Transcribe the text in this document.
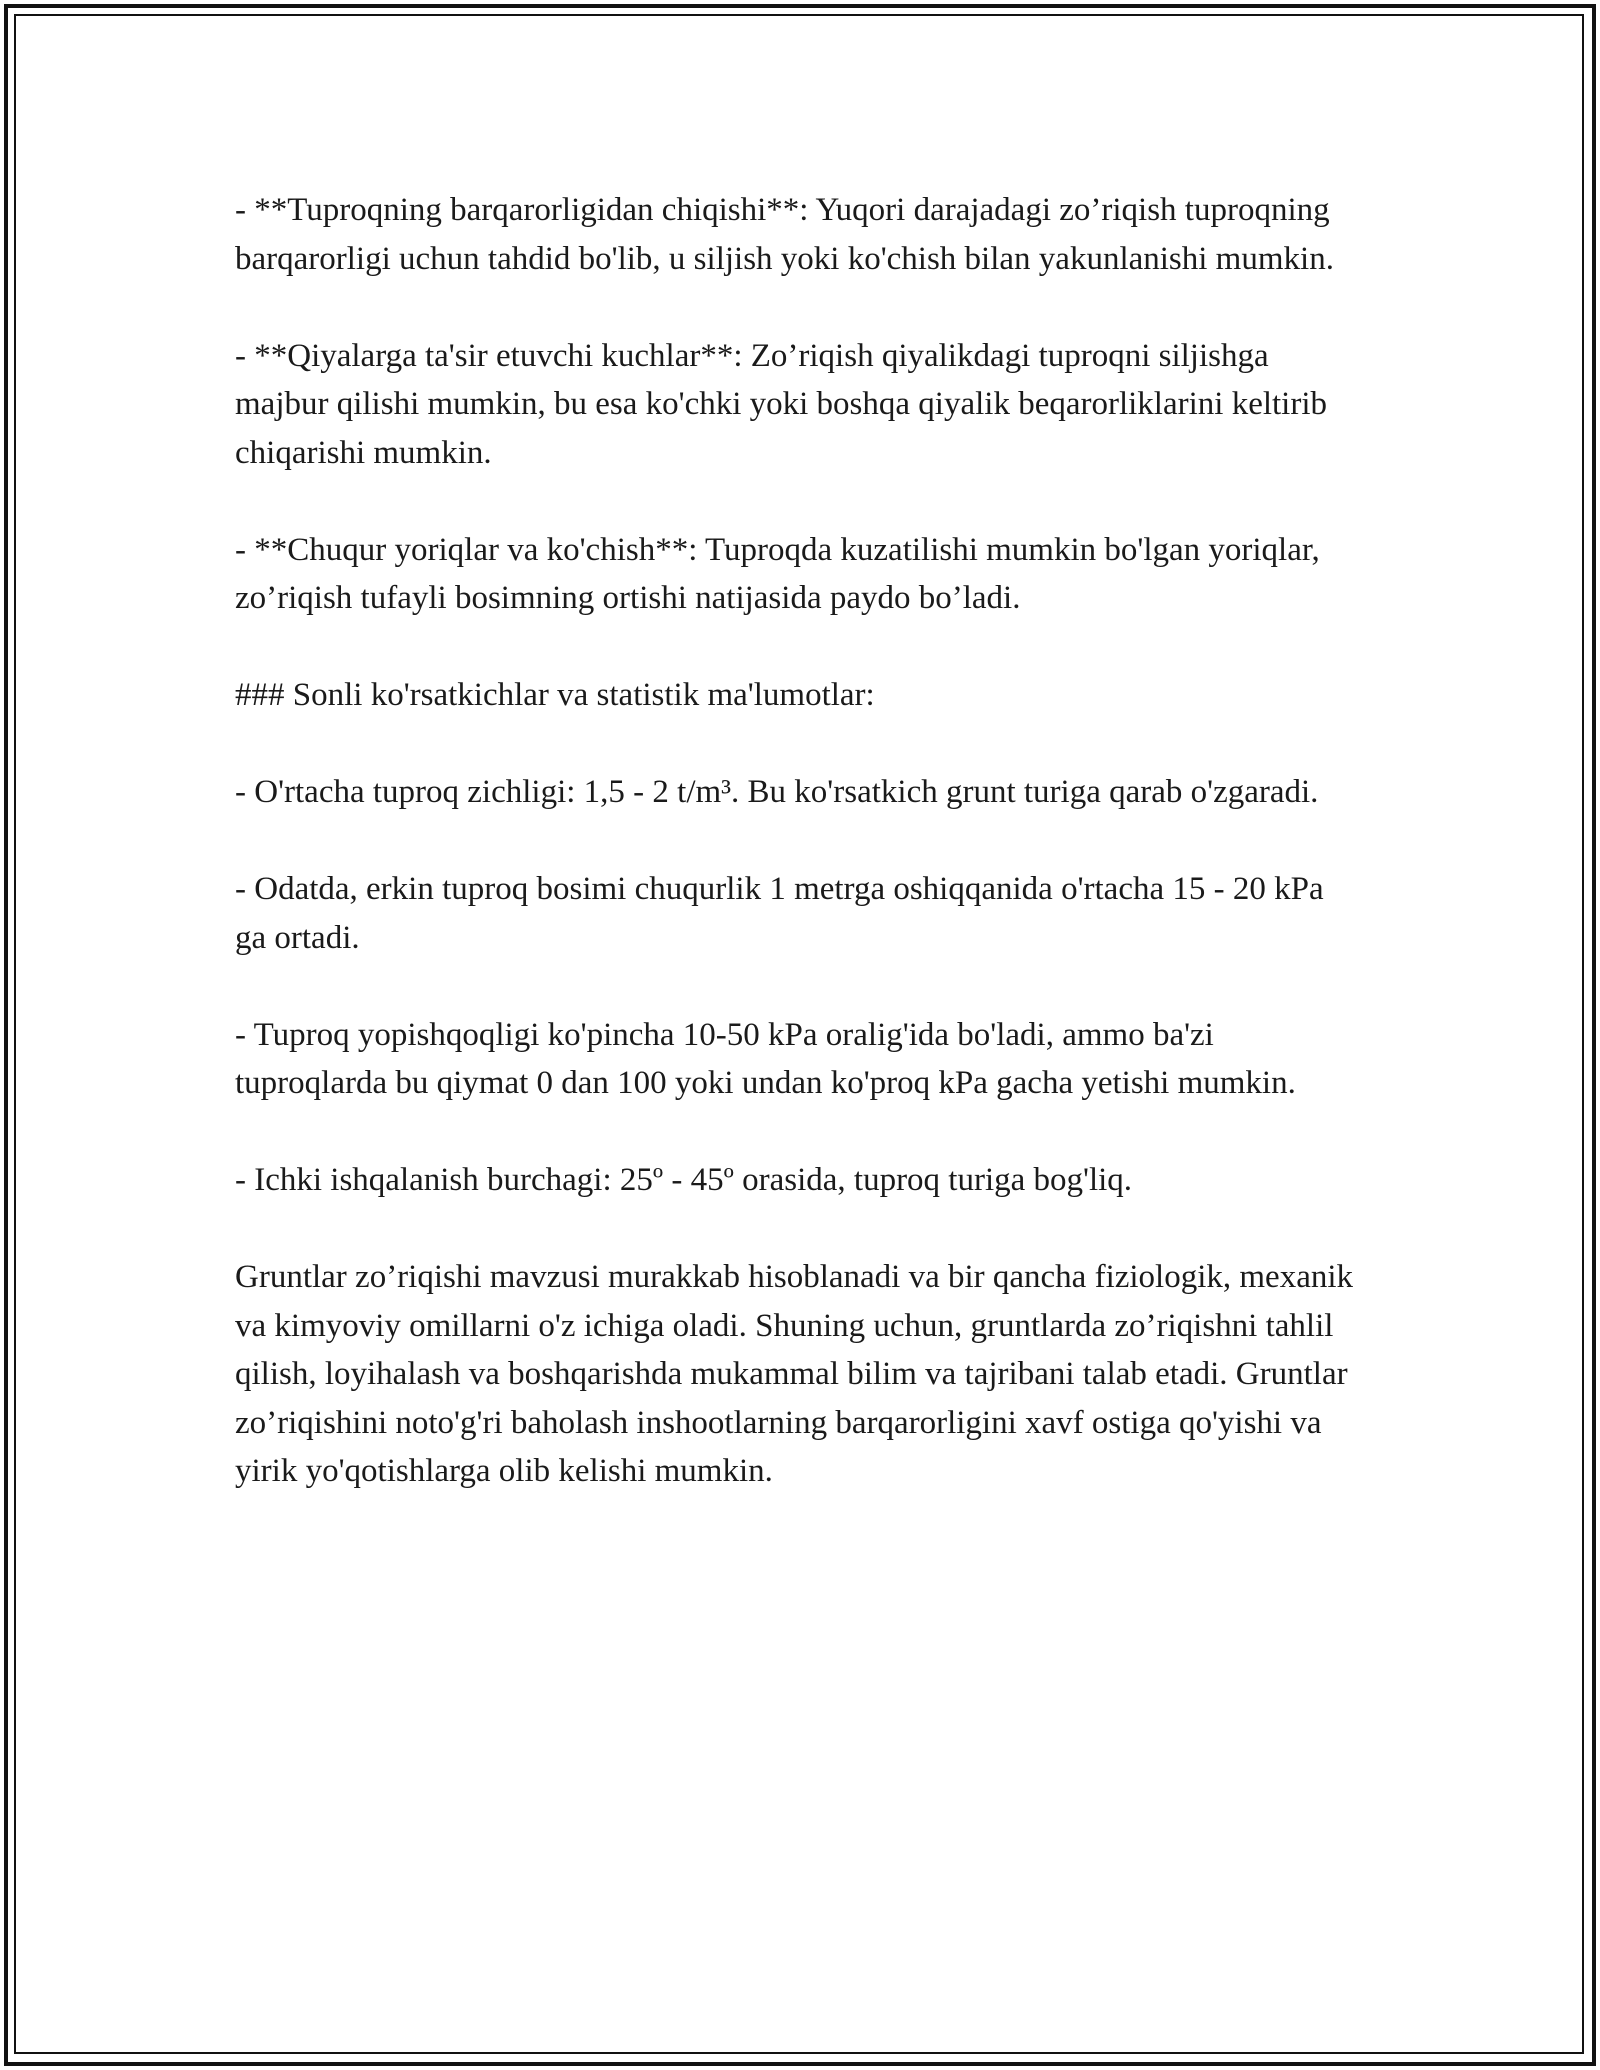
- **Tuproqning barqarorligidan chiqishi**: Yuqori darajadagi zo’riqish tuproqning barqarorligi uchun tahdid bo'lib, u siljish yoki ko'chish bilan yakunlanishi mumkin.

- **Qiyalarga ta'sir etuvchi kuchlar**: Zo’riqish qiyalikdagi tuproqni siljishga majbur qilishi mumkin, bu esa ko'chki yoki boshqa qiyalik beqarorliklarini keltirib chiqarishi mumkin.

- **Chuqur yoriqlar va ko'chish**: Tuproqda kuzatilishi mumkin bo'lgan yoriqlar, zo’riqish tufayli bosimning ortishi natijasida paydo bo’ladi.

### Sonli ko'rsatkichlar va statistik ma'lumotlar:

- O'rtacha tuproq zichligi: 1,5 - 2 t/m³. Bu ko'rsatkich grunt turiga qarab o'zgaradi.

- Odatda, erkin tuproq bosimi chuqurlik 1 metrga oshiqqanida o'rtacha 15 - 20 kPa ga ortadi.

- Tuproq yopishqoqligi ko'pincha 10-50 kPa oralig'ida bo'ladi, ammo ba'zi tuproqlarda bu qiymat 0 dan 100 yoki undan ko'proq kPa gacha yetishi mumkin.

- Ichki ishqalanish burchagi: 25º - 45º orasida, tuproq turiga bog'liq.

Gruntlar zo’riqishi mavzusi murakkab hisoblanadi va bir qancha fiziologik, mexanik va kimyoviy omillarni o'z ichiga oladi. Shuning uchun, gruntlarda zo’riqishni tahlil qilish, loyihalash va boshqarishda mukammal bilim va tajribani talab etadi. Gruntlar zo’riqishini noto'g'ri baholash inshootlarning barqarorligini xavf ostiga qo'yishi va yirik yo'qotishlarga olib kelishi mumkin.
